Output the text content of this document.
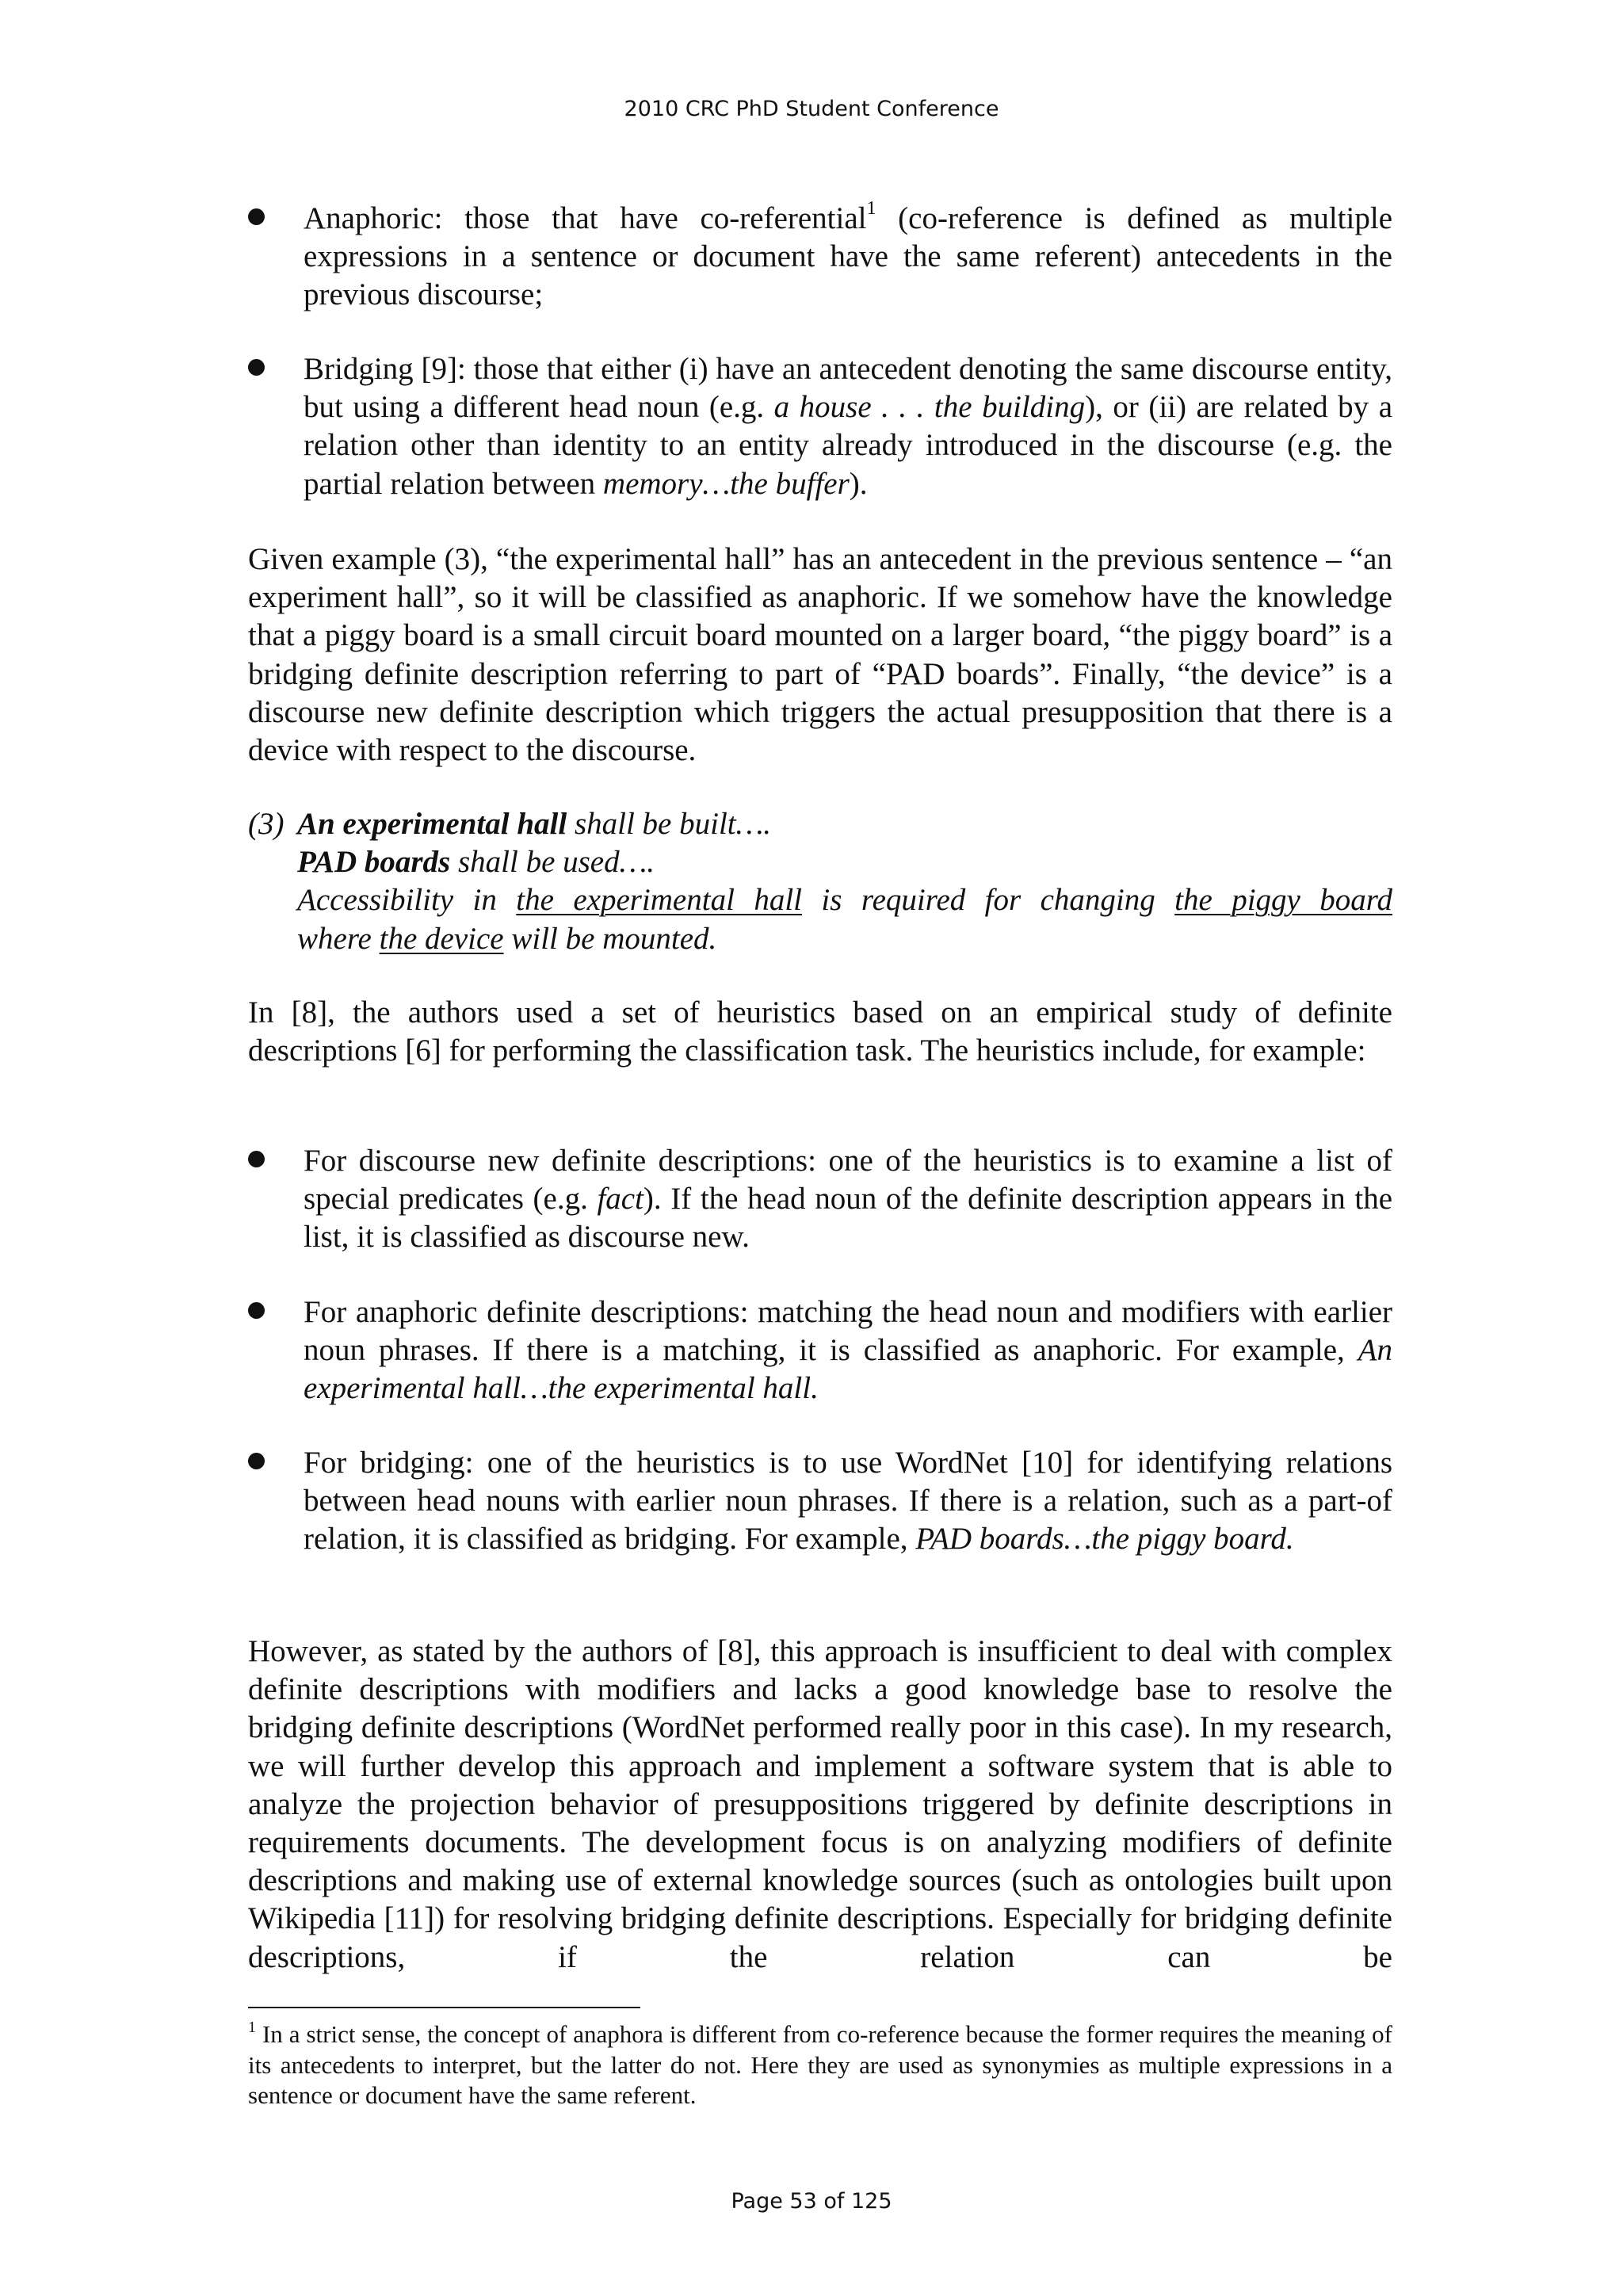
2010 CRC PhD Student Conference
Anaphoric: those that have co-referential$^1$ (co-reference is defined as multiple expressions in a sentence or document have the same referent) antecedents in the previous discourse;
Bridging [9]: those that either (i) have an antecedent denoting the same discourse entity, but using a different head noun (e.g. a house . . . the building), or (ii) are related by a relation other than identity to an entity already introduced in the discourse (e.g. the partial relation between memory…the buffer).
Given example (3), “the experimental hall” has an antecedent in the previous sentence – “an experiment hall”, so it will be classified as anaphoric. If we somehow have the knowledge that a piggy board is a small circuit board mounted on a larger board, “the piggy board” is a bridging definite description referring to part of “PAD boards”. Finally, “the device” is a discourse new definite description which triggers the actual presupposition that there is a device with respect to the discourse.
(3) An experimental hall shall be built….
PAD boards shall be used….
Accessibility in the experimental hall is required for changing the piggy board
where the device will be mounted.
In [8], the authors used a set of heuristics based on an empirical study of definite descriptions [6] for performing the classification task. The heuristics include, for example:
For discourse new definite descriptions: one of the heuristics is to examine a list of special predicates (e.g. fact). If the head noun of the definite description appears in the list, it is classified as discourse new.
For anaphoric definite descriptions: matching the head noun and modifiers with earlier noun phrases. If there is a matching, it is classified as anaphoric. For example, An experimental hall…the experimental hall.
For bridging: one of the heuristics is to use WordNet [10] for identifying relations between head nouns with earlier noun phrases. If there is a relation, such as a part-of relation, it is classified as bridging. For example, PAD boards…the piggy board.
However, as stated by the authors of [8], this approach is insufficient to deal with complex definite descriptions with modifiers and lacks a good knowledge base to resolve the bridging definite descriptions (WordNet performed really poor in this case). In my research, we will further develop this approach and implement a software system that is able to analyze the projection behavior of presuppositions triggered by definite descriptions in requirements documents. The development focus is on analyzing modifiers of definite descriptions and making use of external knowledge sources (such as ontologies built upon Wikipedia [11]) for resolving bridging definite descriptions. Especially for bridging definite descriptions, if the relation can be
$^1$ In a strict sense, the concept of anaphora is different from co-reference because the former requires the meaning of its antecedents to interpret, but the latter do not. Here they are used as synonymies as multiple expressions in a sentence or document have the same referent.
Page 53 of 125
